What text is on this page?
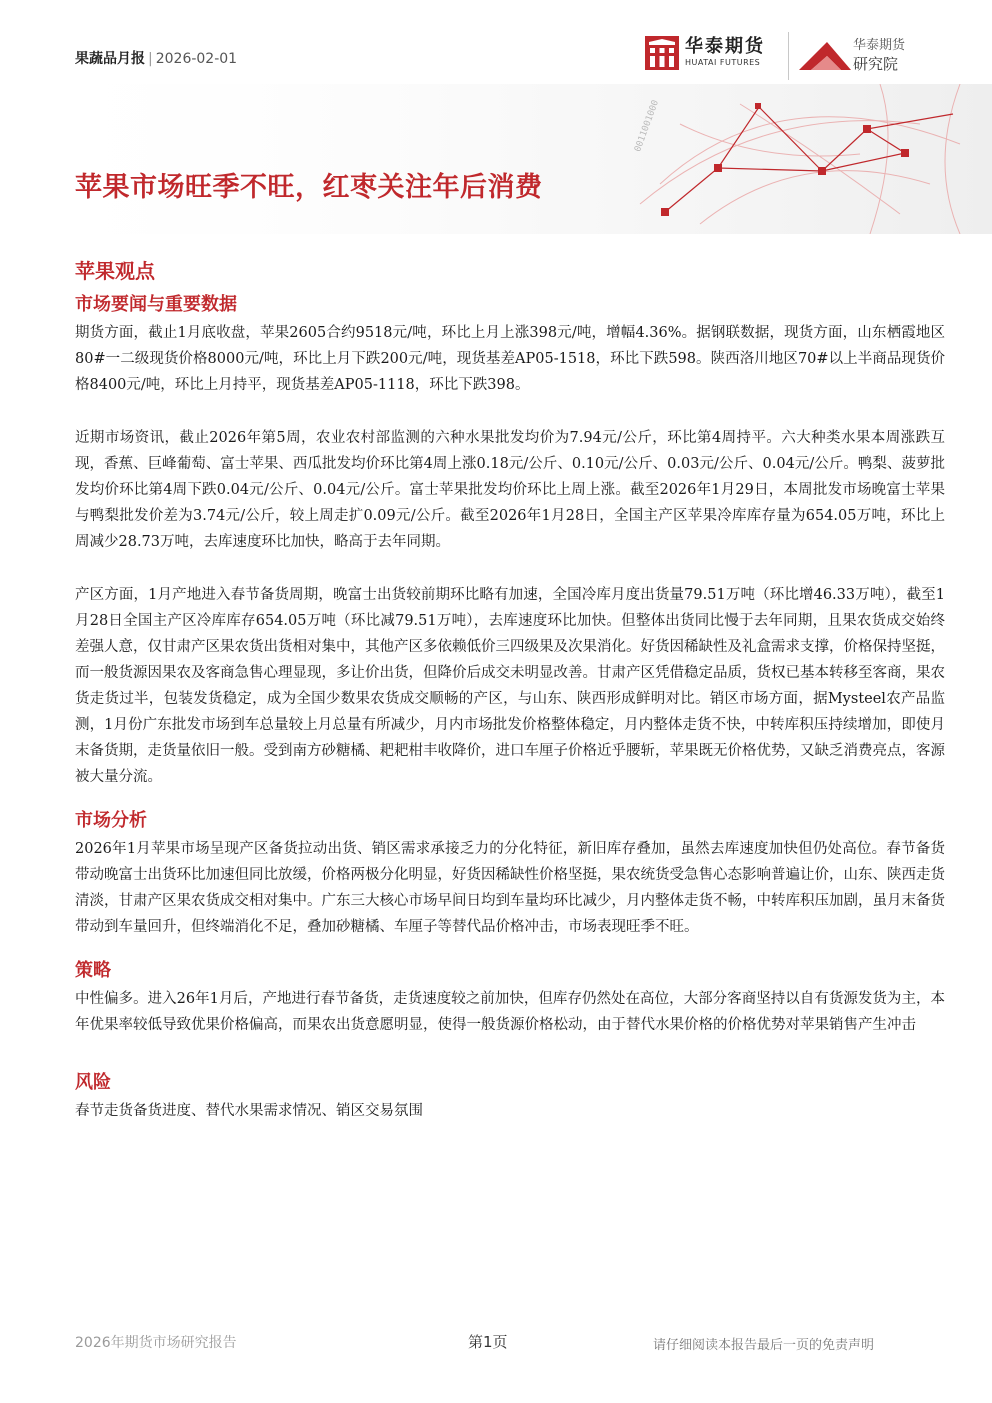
果蔬品月报 | 2026-02-01
华泰期货
HUATAI FUTURES
华泰期货
研究院
0011001000
苹果市场旺季不旺，红枣关注年后消费
苹果观点
市场要闻与重要数据

期货方面，截止1月底收盘，苹果2605合约9518元/吨，环比上月上涨398元/吨，增幅4.36%。据钢联数据，现货方面，山东栖霞地区80#一二级现货价格8000元/吨，环比上月下跌200元/吨，现货基差AP05-1518，环比下跌598。陕西洛川地区70#以上半商品现货价格8400元/吨，环比上月持平，现货基差AP05-1118，环比下跌398。

近期市场资讯，截止2026年第5周，农业农村部监测的六种水果批发均价为7.94元/公斤，环比第4周持平。六大种类水果本周涨跌互现，香蕉、巨峰葡萄、富士苹果、西瓜批发均价环比第4周上涨0.18元/公斤、0.10元/公斤、0.03元/公斤、0.04元/公斤。鸭梨、菠萝批发均价环比第4周下跌0.04元/公斤、0.04元/公斤。富士苹果批发均价环比上周上涨。截至2026年1月29日，本周批发市场晚富士苹果与鸭梨批发价差为3.74元/公斤，较上周走扩0.09元/公斤。截至2026年1月28日，全国主产区苹果冷库库存量为654.05万吨，环比上周减少28.73万吨，去库速度环比加快，略高于去年同期。

产区方面，1月产地进入春节备货周期，晚富士出货较前期环比略有加速，全国冷库月度出货量79.51万吨（环比增46.33万吨），截至1月28日全国主产区冷库库存654.05万吨（环比减79.51万吨），去库速度环比加快。但整体出货同比慢于去年同期，且果农货成交始终差强人意，仅甘肃产区果农货出货相对集中，其他产区多依赖低价三四级果及次果消化。好货因稀缺性及礼盒需求支撑，价格保持坚挺，而一般货源因果农及客商急售心理显现，多让价出货，但降价后成交未明显改善。甘肃产区凭借稳定品质，货权已基本转移至客商，果农货走货过半，包装发货稳定，成为全国少数果农货成交顺畅的产区，与山东、陕西形成鲜明对比。销区市场方面，据Mysteel农产品监测，1月份广东批发市场到车总量较上月总量有所减少，月内市场批发价格整体稳定，月内整体走货不快，中转库积压持续增加，即使月末备货期，走货量依旧一般。受到南方砂糖橘、耙耙柑丰收降价，进口车厘子价格近乎腰斩，苹果既无价格优势，又缺乏消费亮点，客源被大量分流。

市场分析

2026年1月苹果市场呈现产区备货拉动出货、销区需求承接乏力的分化特征，新旧库存叠加，虽然去库速度加快但仍处高位。春节备货带动晚富士出货环比加速但同比放缓，价格两极分化明显，好货因稀缺性价格坚挺，果农统货受急售心态影响普遍让价，山东、陕西走货清淡，甘肃产区果农货成交相对集中。广东三大核心市场早间日均到车量均环比减少，月内整体走货不畅，中转库积压加剧，虽月末备货带动到车量回升，但终端消化不足，叠加砂糖橘、车厘子等替代品价格冲击，市场表现旺季不旺。

策略

中性偏多。进入26年1月后，产地进行春节备货，走货速度较之前加快，但库存仍然处在高位，大部分客商坚持以自有货源发货为主，本年优果率较低导致优果价格偏高，而果农出货意愿明显，使得一般货源价格松动，由于替代水果价格的价格优势对苹果销售产生冲击

风险

春节走货备货进度、替代水果需求情况、销区交易氛围

2026年期货市场研究报告	第1页	请仔细阅读本报告最后一页的免责声明
